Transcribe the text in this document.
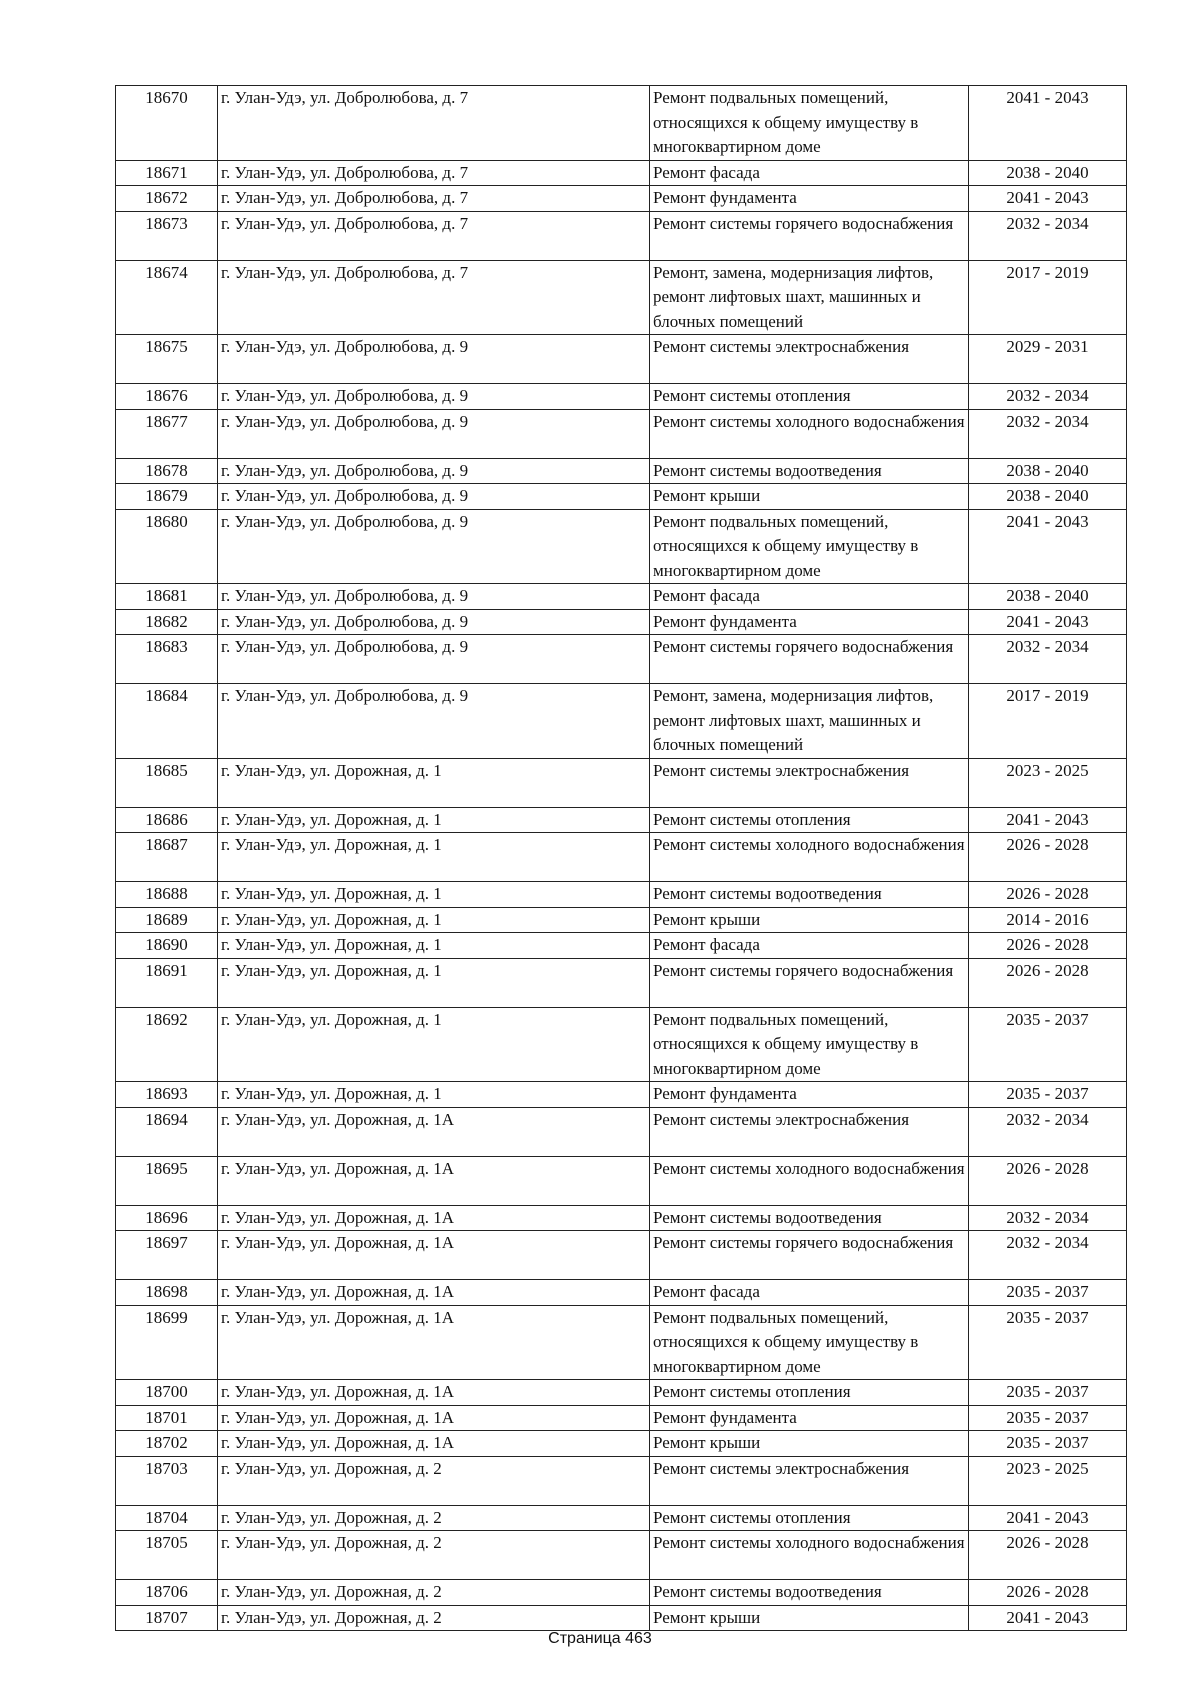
18670	г. Улан-Удэ, ул. Добролюбова, д. 7	Ремонт подвальных помещений, относящихся к общему имуществу в многоквартирном доме	2041 - 2043
18671	г. Улан-Удэ, ул. Добролюбова, д. 7	Ремонт фасада	2038 - 2040
18672	г. Улан-Удэ, ул. Добролюбова, д. 7	Ремонт фундамента	2041 - 2043
18673	г. Улан-Удэ, ул. Добролюбова, д. 7	Ремонт системы горячего водоснабжения	2032 - 2034
18674	г. Улан-Удэ, ул. Добролюбова, д. 7	Ремонт, замена, модернизация лифтов, ремонт лифтовых шахт, машинных и блочных помещений	2017 - 2019
18675	г. Улан-Удэ, ул. Добролюбова, д. 9	Ремонт системы электроснабжения	2029 - 2031
18676	г. Улан-Удэ, ул. Добролюбова, д. 9	Ремонт системы отопления	2032 - 2034
18677	г. Улан-Удэ, ул. Добролюбова, д. 9	Ремонт системы холодного водоснабжения	2032 - 2034
18678	г. Улан-Удэ, ул. Добролюбова, д. 9	Ремонт системы водоотведения	2038 - 2040
18679	г. Улан-Удэ, ул. Добролюбова, д. 9	Ремонт крыши	2038 - 2040
18680	г. Улан-Удэ, ул. Добролюбова, д. 9	Ремонт подвальных помещений, относящихся к общему имуществу в многоквартирном доме	2041 - 2043
18681	г. Улан-Удэ, ул. Добролюбова, д. 9	Ремонт фасада	2038 - 2040
18682	г. Улан-Удэ, ул. Добролюбова, д. 9	Ремонт фундамента	2041 - 2043
18683	г. Улан-Удэ, ул. Добролюбова, д. 9	Ремонт системы горячего водоснабжения	2032 - 2034
18684	г. Улан-Удэ, ул. Добролюбова, д. 9	Ремонт, замена, модернизация лифтов, ремонт лифтовых шахт, машинных и блочных помещений	2017 - 2019
18685	г. Улан-Удэ, ул. Дорожная, д. 1	Ремонт системы электроснабжения	2023 - 2025
18686	г. Улан-Удэ, ул. Дорожная, д. 1	Ремонт системы отопления	2041 - 2043
18687	г. Улан-Удэ, ул. Дорожная, д. 1	Ремонт системы холодного водоснабжения	2026 - 2028
18688	г. Улан-Удэ, ул. Дорожная, д. 1	Ремонт системы водоотведения	2026 - 2028
18689	г. Улан-Удэ, ул. Дорожная, д. 1	Ремонт крыши	2014 - 2016
18690	г. Улан-Удэ, ул. Дорожная, д. 1	Ремонт фасада	2026 - 2028
18691	г. Улан-Удэ, ул. Дорожная, д. 1	Ремонт системы горячего водоснабжения	2026 - 2028
18692	г. Улан-Удэ, ул. Дорожная, д. 1	Ремонт подвальных помещений, относящихся к общему имуществу в многоквартирном доме	2035 - 2037
18693	г. Улан-Удэ, ул. Дорожная, д. 1	Ремонт фундамента	2035 - 2037
18694	г. Улан-Удэ, ул. Дорожная, д. 1А	Ремонт системы электроснабжения	2032 - 2034
18695	г. Улан-Удэ, ул. Дорожная, д. 1А	Ремонт системы холодного водоснабжения	2026 - 2028
18696	г. Улан-Удэ, ул. Дорожная, д. 1А	Ремонт системы водоотведения	2032 - 2034
18697	г. Улан-Удэ, ул. Дорожная, д. 1А	Ремонт системы горячего водоснабжения	2032 - 2034
18698	г. Улан-Удэ, ул. Дорожная, д. 1А	Ремонт фасада	2035 - 2037
18699	г. Улан-Удэ, ул. Дорожная, д. 1А	Ремонт подвальных помещений, относящихся к общему имуществу в многоквартирном доме	2035 - 2037
18700	г. Улан-Удэ, ул. Дорожная, д. 1А	Ремонт системы отопления	2035 - 2037
18701	г. Улан-Удэ, ул. Дорожная, д. 1А	Ремонт фундамента	2035 - 2037
18702	г. Улан-Удэ, ул. Дорожная, д. 1А	Ремонт крыши	2035 - 2037
18703	г. Улан-Удэ, ул. Дорожная, д. 2	Ремонт системы электроснабжения	2023 - 2025
18704	г. Улан-Удэ, ул. Дорожная, д. 2	Ремонт системы отопления	2041 - 2043
18705	г. Улан-Удэ, ул. Дорожная, д. 2	Ремонт системы холодного водоснабжения	2026 - 2028
18706	г. Улан-Удэ, ул. Дорожная, д. 2	Ремонт системы водоотведения	2026 - 2028
18707	г. Улан-Удэ, ул. Дорожная, д. 2	Ремонт крыши	2041 - 2043
Страница 463
